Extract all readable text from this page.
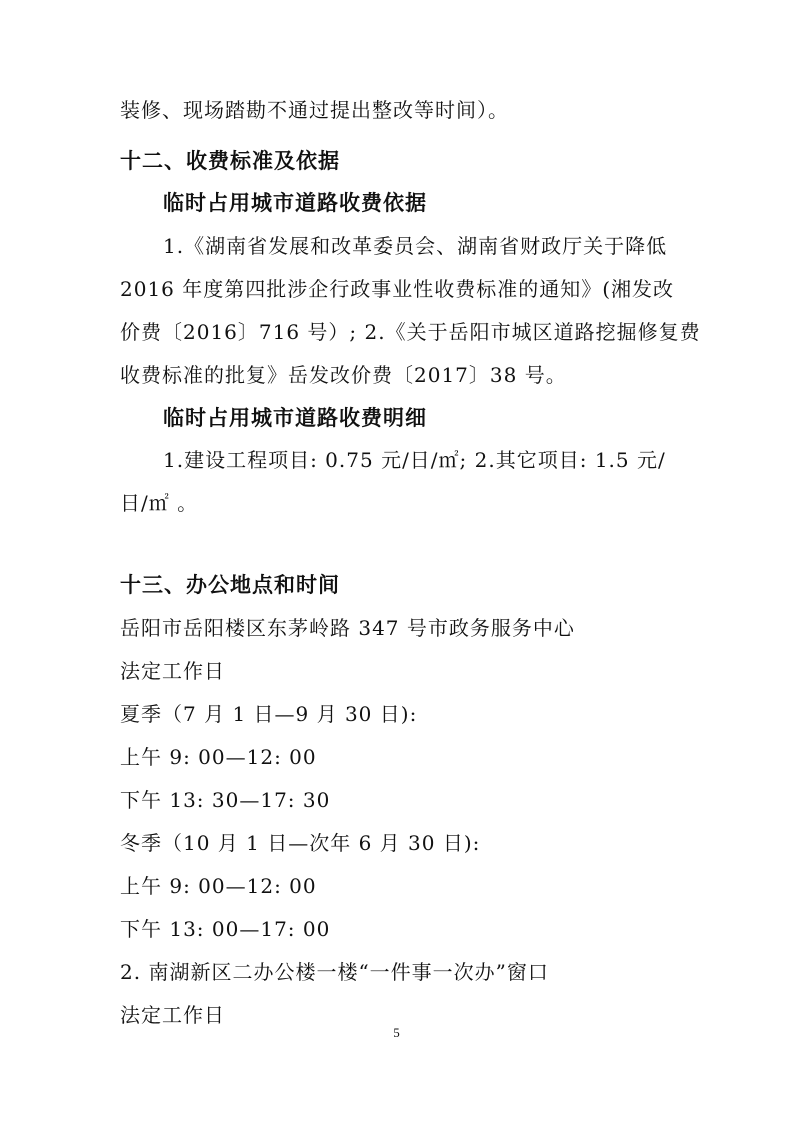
装修、现场踏勘不通过提出整改等时间）。
十二、收费标准及依据
临时占用城市道路收费依据
1.《湖南省发展和改革委员会、湖南省财政厅关于降低
2016 年度第四批涉企行政事业性收费标准的通知》(湘发改
价费〔2016〕716 号）; 2.《关于岳阳市城区道路挖掘修复费
收费标准的批复》岳发改价费〔2017〕38 号。
临时占用城市道路收费明细
1.建设工程项目: 0.75 元/日/㎡; 2.其它项目: 1.5 元/
日/㎡ 。
十三、办公地点和时间
岳阳市岳阳楼区东茅岭路 347 号市政务服务中心
法定工作日
夏季（7 月 1 日—9 月 30 日):
上午 9: 00—12: 00
下午 13: 30—17: 30
冬季（10 月 1 日—次年 6 月 30 日):
上午 9: 00—12: 00
下午 13: 00—17: 00
2. 南湖新区二办公楼一楼“一件事一次办”窗口
法定工作日
5
